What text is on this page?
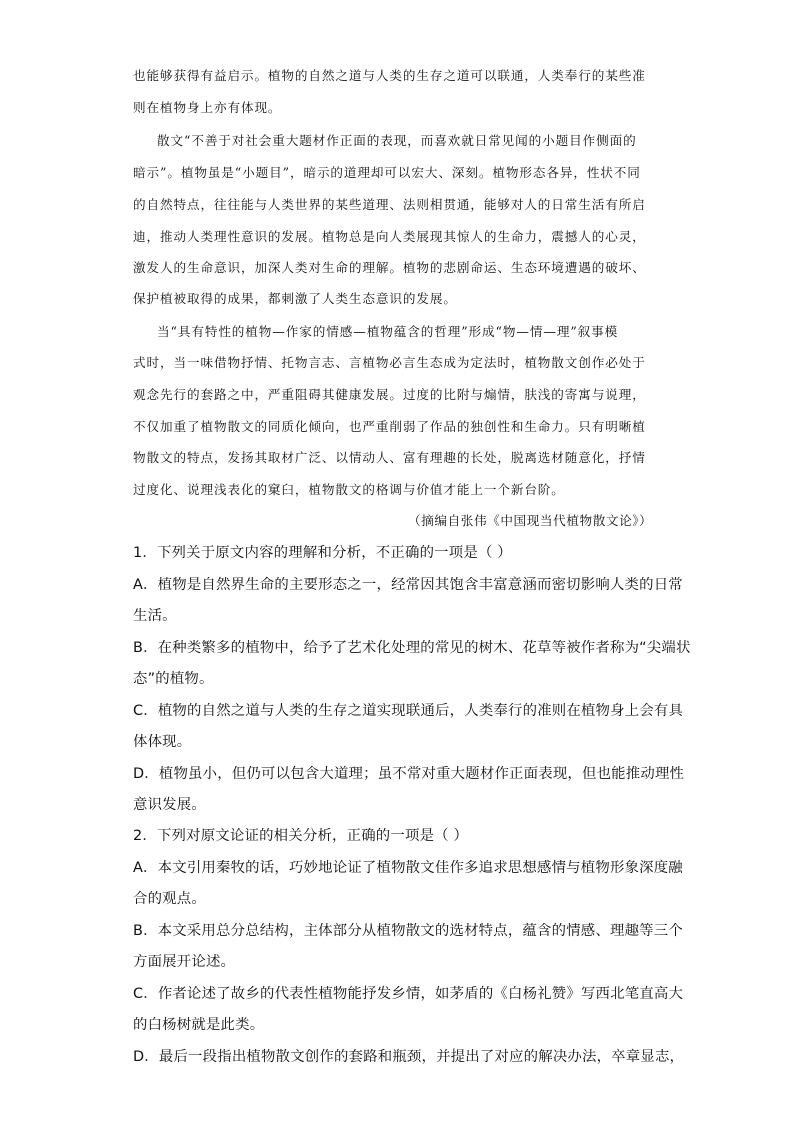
也能够获得有益启示。植物的自然之道与人类的生存之道可以联通，人类奉行的某些准
则在植物身上亦有体现。
散文“不善于对社会重大题材作正面的表现，而喜欢就日常见闻的小题目作侧面的
暗示”。植物虽是“小题目”，暗示的道理却可以宏大、深刻。植物形态各异，性状不同
的自然特点，往往能与人类世界的某些道理、法则相贯通，能够对人的日常生活有所启
迪，推动人类理性意识的发展。植物总是向人类展现其惊人的生命力，震撼人的心灵，
激发人的生命意识，加深人类对生命的理解。植物的悲剧命运、生态环境遭遇的破坏、
保护植被取得的成果，都刺激了人类生态意识的发展。
当“具有特性的植物—作家的情感—植物蕴含的哲理”形成“物—情—理”叙事模
式时，当一味借物抒情、托物言志、言植物必言生态成为定法时，植物散文创作必处于
观念先行的套路之中，严重阻碍其健康发展。过度的比附与煽情，肤浅的寄寓与说理，
不仅加重了植物散文的同质化倾向，也严重削弱了作品的独创性和生命力。只有明晰植
物散文的特点，发扬其取材广泛、以情动人、富有理趣的长处，脱离选材随意化，抒情
过度化、说理浅表化的窠臼，植物散文的格调与价值才能上一个新台阶。
（摘编自张伟《中国现当代植物散文论》）
1．下列关于原文内容的理解和分析，不正确的一项是（ ）
A．植物是自然界生命的主要形态之一，经常因其饱含丰富意涵而密切影响人类的日常
生活。
B．在种类繁多的植物中，给予了艺术化处理的常见的树木、花草等被作者称为“尖端状
态”的植物。
C．植物的自然之道与人类的生存之道实现联通后，人类奉行的准则在植物身上会有具
体体现。
D．植物虽小，但仍可以包含大道理；虽不常对重大题材作正面表现，但也能推动理性
意识发展。
2．下列对原文论证的相关分析，正确的一项是（ ）
A．本文引用秦牧的话，巧妙地论证了植物散文佳作多追求思想感情与植物形象深度融
合的观点。
B．本文采用总分总结构，主体部分从植物散文的选材特点，蕴含的情感、理趣等三个
方面展开论述。
C．作者论述了故乡的代表性植物能抒发乡情，如茅盾的《白杨礼赞》写西北笔直高大
的白杨树就是此类。
D．最后一段指出植物散文创作的套路和瓶颈，并提出了对应的解决办法，卒章显志，
